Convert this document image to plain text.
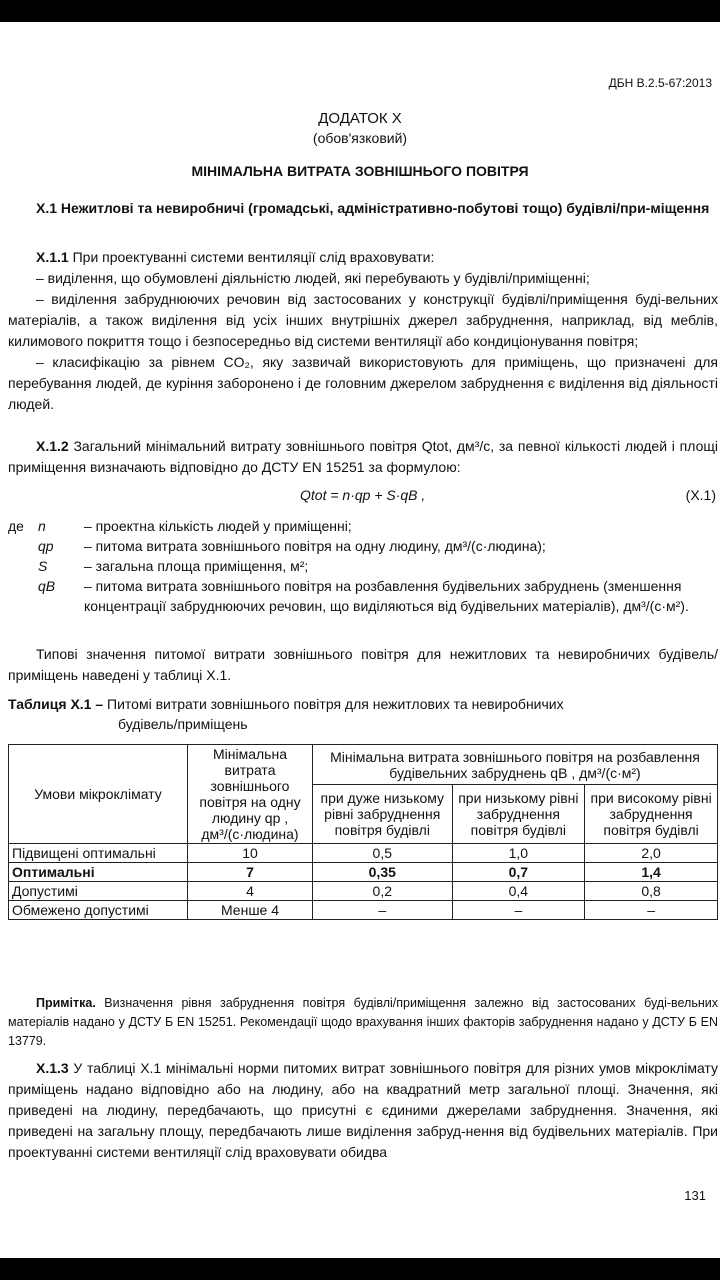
ДБН В.2.5-67:2013
ДОДАТОК Х
(обов'язковий)
МІНІМАЛЬНА ВИТРАТА ЗОВНІШНЬОГО ПОВІТРЯ
Х.1 Нежитлові та невиробничі (громадські, адміністративно-побутові тощо) будівлі/при-міщення
Х.1.1 При проектуванні системи вентиляції слід враховувати:
– виділення, що обумовлені діяльністю людей, які перебувають у будівлі/приміщенні;
– виділення забруднюючих речовин від застосованих у конструкції будівлі/приміщення буді-вельних матеріалів, а також виділення від усіх інших внутрішніх джерел забруднення, наприклад, від меблів, килимового покриття тощо і безпосередньо від системи вентиляції або кондиціонування повітря;
– класифікацію за рівнем CO₂, яку зазвичай використовують для приміщень, що призначені для перебування людей, де куріння заборонено і де головним джерелом забруднення є виділення від діяльності людей.
Х.1.2 Загальний мінімальний витрату зовнішнього повітря Qtot, дм³/с, за певної кількості людей і площі приміщення визначають відповідно до ДСТУ EN 15251 за формулою:
Qtot = n·qp + S·qB ,	(Х.1)
де	n	– проектна кількість людей у приміщенні;
qp	– питома витрата зовнішнього повітря на одну людину, дм³/(с·людина);
S	– загальна площа приміщення, м²;
qB	– питома витрата зовнішнього повітря на розбавлення будівельних забруднень (зменшення концентрації забруднюючих речовин, що виділяються від будівельних матеріалів), дм³/(с·м²).
Типові значення питомої витрати зовнішнього повітря для нежитлових та невиробничих будівель/приміщень наведені у таблиці Х.1.
Таблиця Х.1 – Питомі витрати зовнішнього повітря для нежитлових та невиробничих
будівель/приміщень
Умови мікроклімату	Мінімальна витрата зовнішнього повітря на одну людину qp , дм³/(с·людина)	Мінімальна витрата зовнішнього повітря на розбавлення будівельних забруднень qB , дм³/(с·м²)		
		при дуже низькому рівні забруднення повітря будівлі	при низькому рівні забруднення повітря будівлі	при високому рівні забруднення повітря будівлі
Підвищені оптимальні	10	0,5	1,0	2,0
Оптимальні	7	0,35	0,7	1,4
Допустимі	4	0,2	0,4	0,8
Обмежено допустимі	Менше 4	–	–	–
Примітка. Визначення рівня забруднення повітря будівлі/приміщення залежно від застосованих буді-вельних матеріалів надано у ДСТУ Б EN 15251. Рекомендації щодо врахування інших факторів забруднення надано у ДСТУ Б EN 13779.
Х.1.3 У таблиці Х.1 мінімальні норми питомих витрат зовнішнього повітря для різних умов мікроклімату приміщень надано відповідно або на людину, або на квадратний метр загальної площі. Значення, які приведені на людину, передбачають, що присутні є єдиними джерелами забруднення. Значення, які приведені на загальну площу, передбачають лише виділення забруд-нення від будівельних матеріалів. При проектуванні системи вентиляції слід враховувати обидва
131
